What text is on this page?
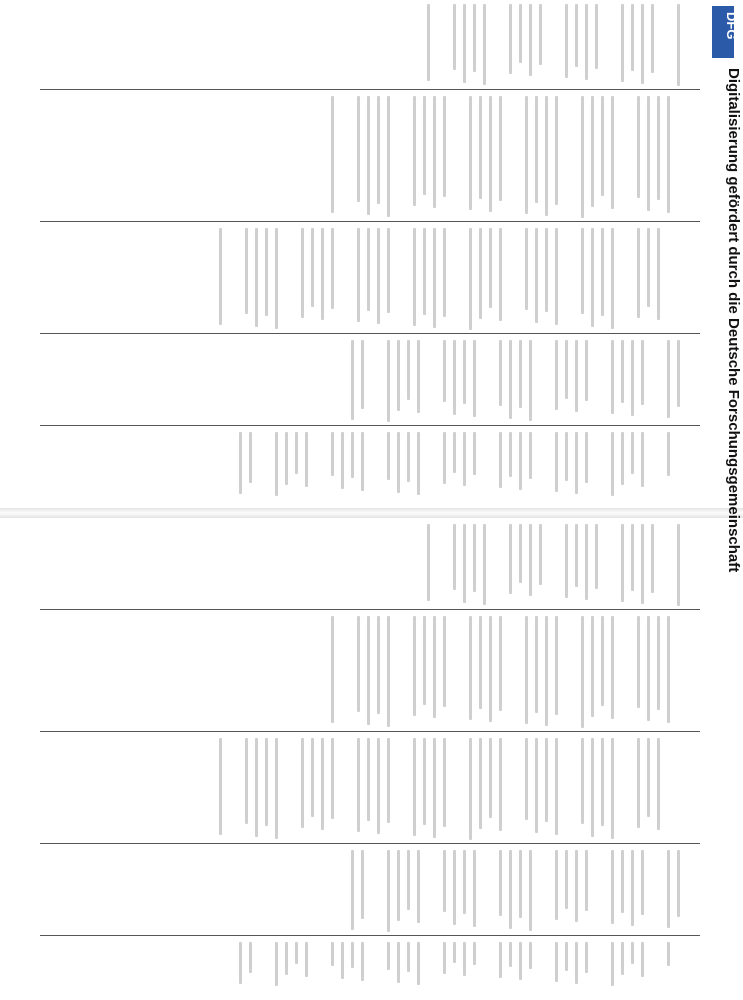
DFG
Digitalisierung gefördert durch die Deutsche Forschungsgemeinschaft
